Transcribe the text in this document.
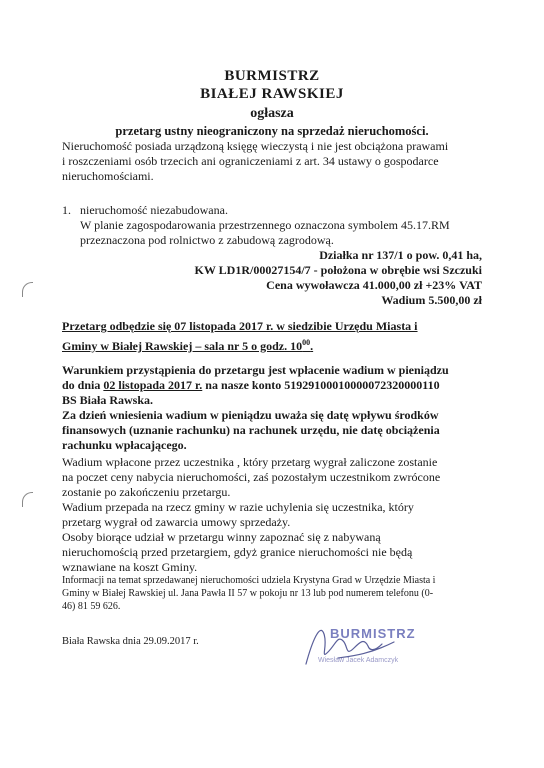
BURMISTRZ
BIAŁEJ RAWSKIEJ
ogłasza
przetarg ustny nieograniczony na sprzedaż nieruchomości.
Nieruchomość posiada urządzoną księgę wieczystą i nie jest obciążona prawami
i roszczeniami osób trzecich ani ograniczeniami z art. 34 ustawy o gospodarce
nieruchomościami.
1. nieruchomość niezabudowana.
W planie zagospodarowania przestrzennego oznaczona symbolem 45.17.RM
przeznaczona pod rolnictwo z zabudową zagrodową.
Działka nr 137/1 o pow. 0,41 ha,
KW LD1R/00027154/7 - położona w obrębie wsi Szczuki
Cena wywoławcza 41.000,00 zł +23% VAT
Wadium 5.500,00 zł
Przetarg odbędzie się 07 listopada 2017 r. w siedzibie Urzędu Miasta i
Gminy w Białej Rawskiej – sala nr 5 o godz. $10^{00}$.
Warunkiem przystąpienia do przetargu jest wpłacenie wadium w pieniądzu
do dnia 02 listopada 2017 r. na nasze konto 51929100010000072320000110
BS Biała Rawska.
Za dzień wniesienia wadium w pieniądzu uważa się datę wpływu środków
finansowych (uznanie rachunku) na rachunek urzędu, nie datę obciążenia
rachunku wpłacającego.
Wadium wpłacone przez uczestnika , który przetarg wygrał zaliczone zostanie
na poczet ceny nabycia nieruchomości, zaś pozostałym uczestnikom zwrócone
zostanie po zakończeniu przetargu.
Wadium przepada na rzecz gminy w razie uchylenia się uczestnika, który
przetarg wygrał od zawarcia umowy sprzedaży.
Osoby biorące udział w przetargu winny zapoznać się z nabywaną
nieruchomością przed przetargiem, gdyż granice nieruchomości nie będą
wznawiane na koszt Gminy.
Informacji na temat sprzedawanej nieruchomości udziela Krystyna Grad w Urzędzie Miasta i
Gminy w Białej Rawskiej ul. Jana Pawła II 57 w pokoju nr 13 lub pod numerem telefonu (0-
46) 81 59 626.
Biała Rawska dnia 29.09.2017 r.
BURMISTRZ
Wiesław Jacek Adamczyk
